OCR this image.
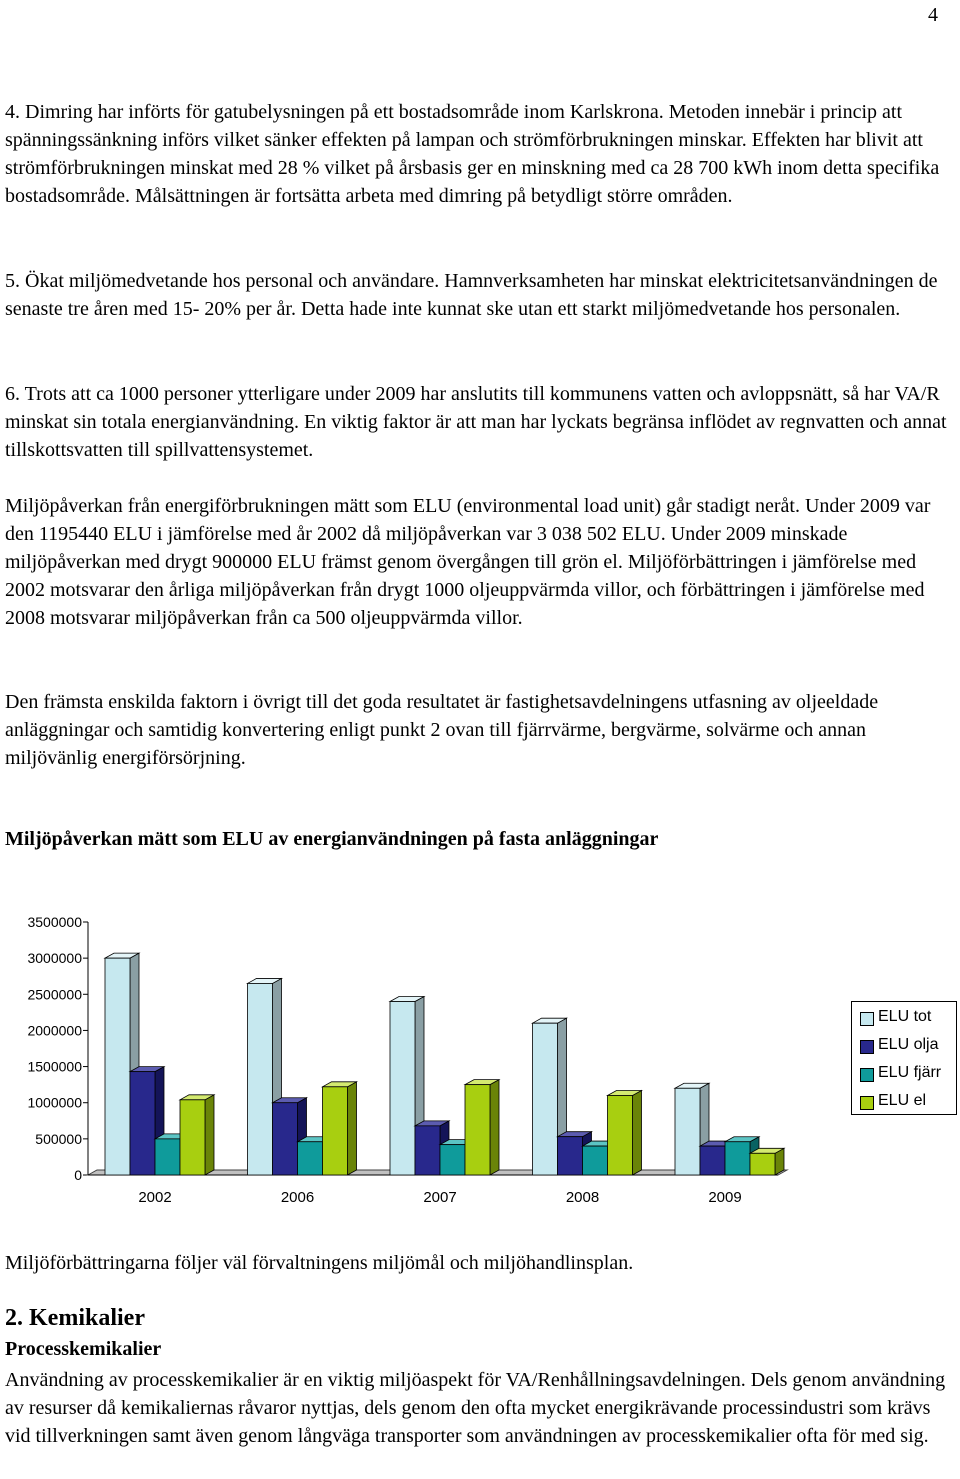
4

4. Dimring har införts för gatubelysningen på ett bostadsområde inom Karlskrona. Metoden innebär i princip att spänningssänkning införs vilket sänker effekten på lampan och strömförbrukningen minskar. Effekten har blivit att strömförbrukningen minskat med 28 % vilket på årsbasis ger en minskning med ca 28 700 kWh inom detta specifika bostadsområde. Målsättningen är fortsätta arbeta med dimring på betydligt större områden.

5. Ökat miljömedvetande hos personal och användare. Hamnverksamheten har minskat elektricitetsanvändningen de senaste tre åren med 15- 20% per år. Detta hade inte kunnat ske utan ett starkt miljömedvetande hos personalen.

6. Trots att ca 1000 personer ytterligare under 2009 har anslutits till kommunens vatten och avloppsnätt, så har VA/R minskat sin totala energianvändning. En viktig faktor är att man har lyckats begränsa inflödet av regnvatten och annat tillskottsvatten till spillvattensystemet.

Miljöpåverkan från energiförbrukningen mätt som ELU (environmental load unit) går stadigt neråt. Under 2009 var den 1195440 ELU i jämförelse med år 2002 då miljöpåverkan var 3 038 502 ELU. Under 2009 minskade miljöpåverkan med drygt 900000 ELU främst genom övergången till grön el. Miljöförbättringen i jämförelse med 2002 motsvarar den årliga miljöpåverkan från drygt 1000 oljeuppvärmda villor, och förbättringen i jämförelse med 2008 motsvarar miljöpåverkan från ca 500 oljeuppvärmda villor.

Den främsta enskilda faktorn i övrigt till det goda resultatet är fastighetsavdelningens utfasning av oljeeldade anläggningar och samtidig konvertering enligt punkt 2 ovan till fjärrvärme, bergvärme, solvärme och annan miljövänlig energiförsörjning.

Miljöpåverkan mätt som ELU av energianvändningen på fasta anläggningar

0
500000
1000000
1500000
2000000
2500000
3000000
3500000
2002	2006	2007	2008	2009
ELU tot
ELU olja
ELU fjärr
ELU el

Miljöförbättringarna följer väl förvaltningens miljömål och miljöhandlinsplan.

2. Kemikalier
Processkemikalier

Användning av processkemikalier är en viktig miljöaspekt för VA/Renhållningsavdelningen. Dels genom användning av resurser då kemikaliernas råvaror nyttjas, dels genom den ofta mycket energikrävande processindustri som krävs vid tillverkningen samt även genom långväga transporter som användningen av processkemikalier ofta för med sig.
